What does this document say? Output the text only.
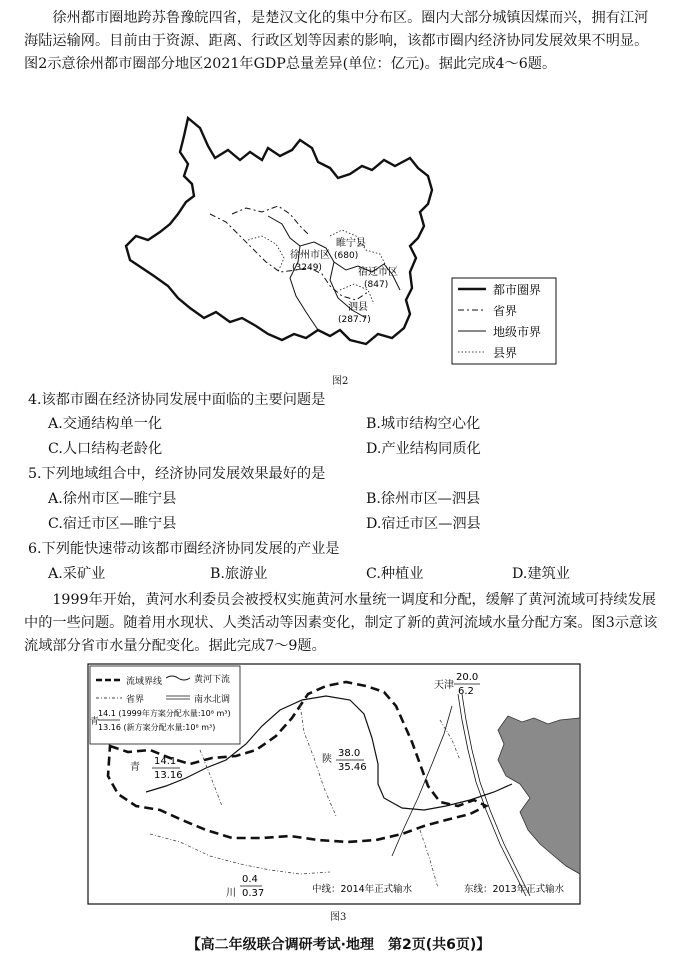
徐州都市圈地跨苏鲁豫皖四省，是楚汉文化的集中分布区。圈内大部分城镇因煤而兴，拥有江河海陆运输网。目前由于资源、距离、行政区划等因素的影响，该都市圈内经济协同发展效果不明显。图2示意徐州都市圈部分地区2021年GDP总量差异(单位：亿元)。据此完成4～6题。
睢宁县
(680)
徐州市区
(3249)	宿迁市区
(847)
泗县
(287.7)
都市圈界
省界
地级市界
县界
图2
4.该都市圈在经济协同发展中面临的主要问题是
A.交通结构单一化	B.城市结构空心化
C.人口结构老龄化	D.产业结构同质化
5.下列地域组合中，经济协同发展效果最好的是
A.徐州市区—睢宁县	B.徐州市区—泗县
C.宿迁市区—睢宁县	D.宿迁市区—泗县
6.下列能快速带动该都市圈经济协同发展的产业是
A.采矿业	B.旅游业	C.种植业	D.建筑业
1999年开始，黄河水利委员会被授权实施黄河水量统一调度和分配，缓解了黄河流域可持续发展中的一些问题。随着用水现状、人类活动等因素变化，制定了新的黄河流域水量分配方案。图3示意该流域部分省市水量分配变化。据此完成7～9题。
流域界线	黄河下流
省界	南水北调
14.1 (1999年方案分配水量:10⁸ m³)
13.16 (新方案分配水量:10⁸ m³)
青
青
14.1
13.16
陕
38.0
35.46
川
0.4
0.37
天津
20.0
6.2
中线：2014年正式输水	东线：2013年正式输水
图3
【高二年级联合调研考试·地理　第2页(共6页)】
